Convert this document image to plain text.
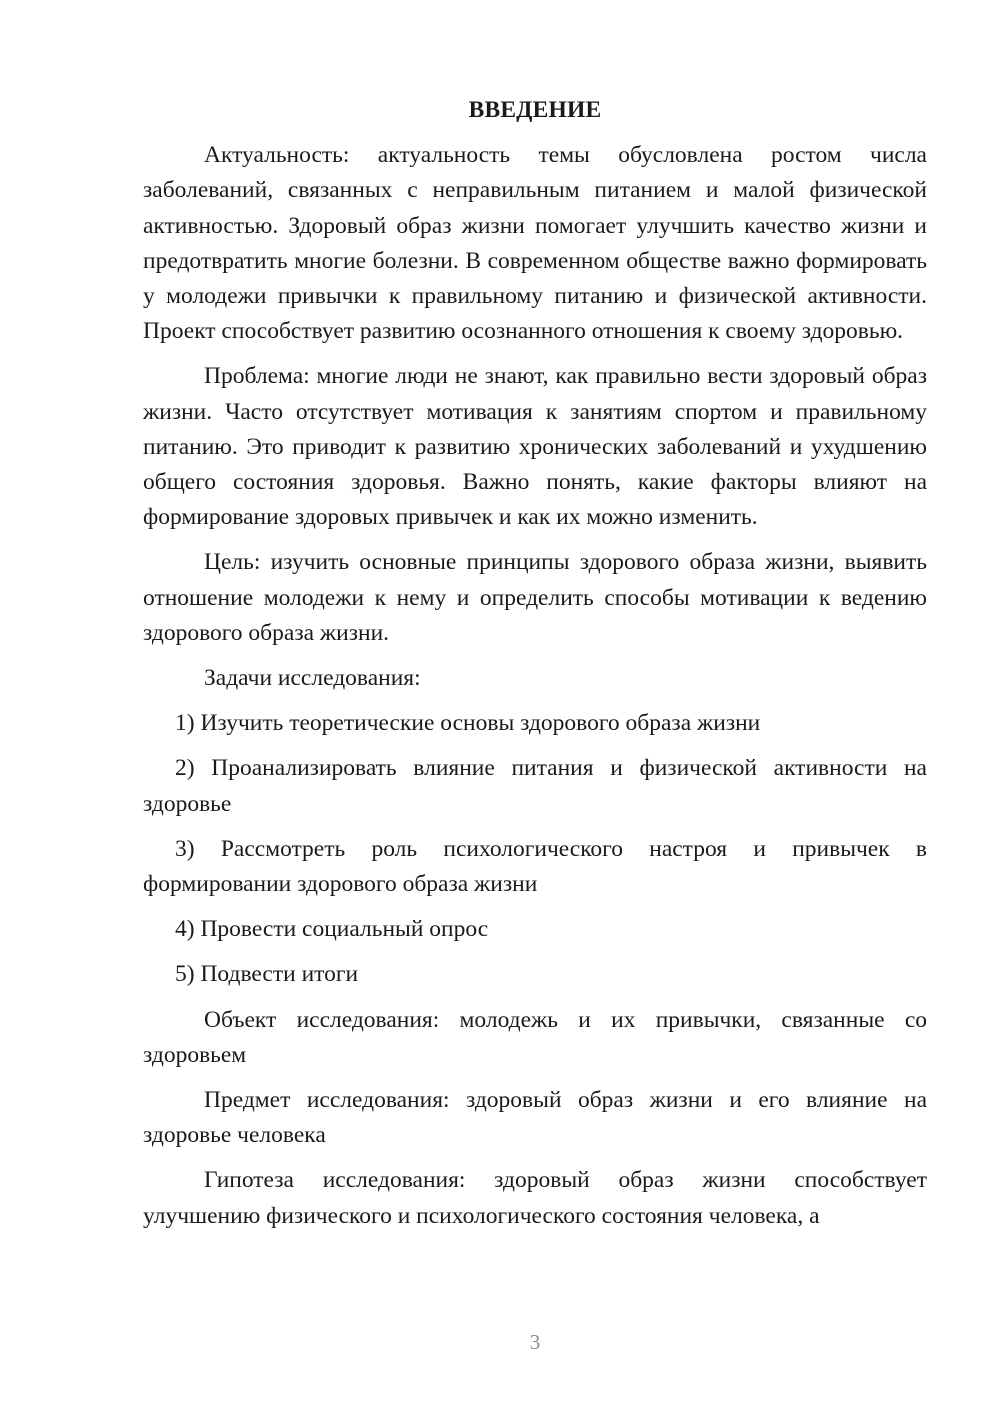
ВВЕДЕНИЕ

Актуальность: актуальность темы обусловлена ростом числа заболеваний, связанных с неправильным питанием и малой физической активностью. Здоровый образ жизни помогает улучшить качество жизни и предотвратить многие болезни. В современном обществе важно формировать у молодежи привычки к правильному питанию и физической активности. Проект способствует развитию осознанного отношения к своему здоровью.

Проблема: многие люди не знают, как правильно вести здоровый образ жизни. Часто отсутствует мотивация к занятиям спортом и правильному питанию. Это приводит к развитию хронических заболеваний и ухудшению общего состояния здоровья. Важно понять, какие факторы влияют на формирование здоровых привычек и как их можно изменить.

Цель: изучить основные принципы здорового образа жизни, выявить отношение молодежи к нему и определить способы мотивации к ведению здорового образа жизни.

Задачи исследования:

1) Изучить теоретические основы здорового образа жизни

2) Проанализировать влияние питания и физической активности на здоровье

3) Рассмотреть роль психологического настроя и привычек в формировании здорового образа жизни

4) Провести социальный опрос

5) Подвести итоги

Объект исследования: молодежь и их привычки, связанные со здоровьем

Предмет исследования: здоровый образ жизни и его влияние на здоровье человека

Гипотеза исследования: здоровый образ жизни способствует улучшению физического и психологического состояния человека, а

3
